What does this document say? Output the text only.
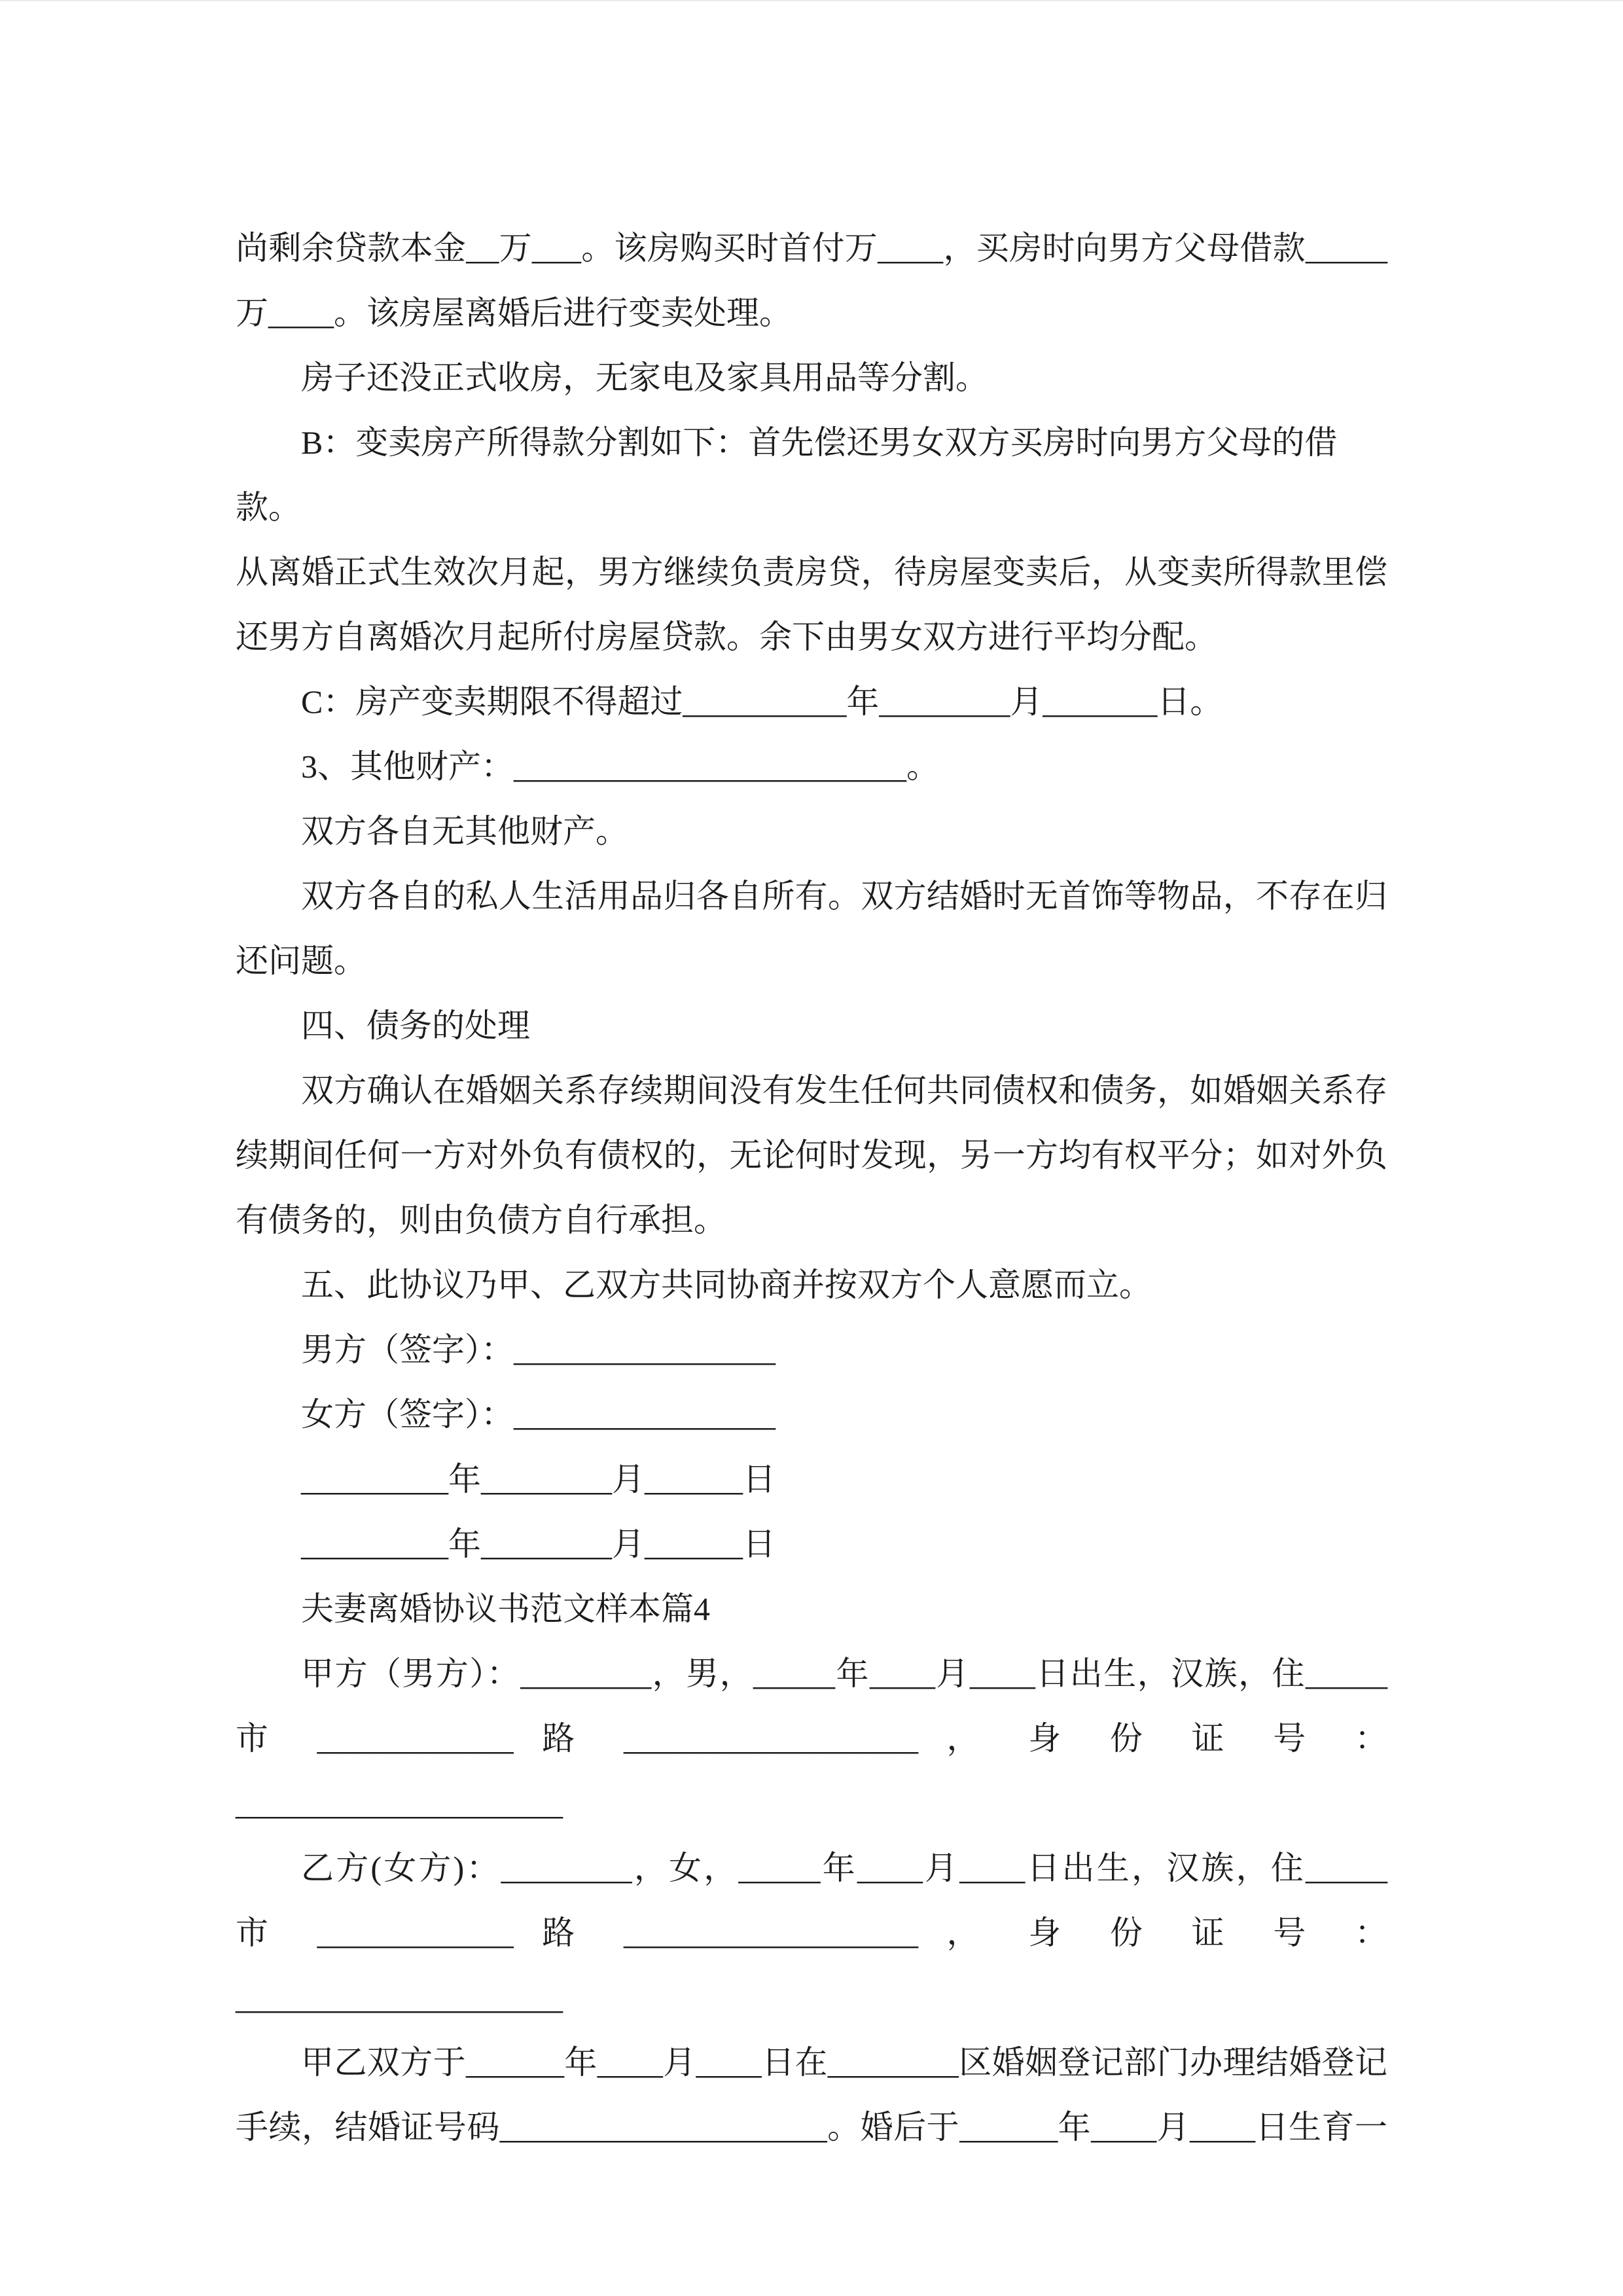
尚剩余贷款本金__万___。该房购买时首付万____，买房时向男方父母借款_____
万____。该房屋离婚后进行变卖处理。
房子还没正式收房，无家电及家具用品等分割。
B：变卖房产所得款分割如下：首先偿还男女双方买房时向男方父母的借款。
从离婚正式生效次月起，男方继续负责房贷，待房屋变卖后，从变卖所得款里偿
还男方自离婚次月起所付房屋贷款。余下由男女双方进行平均分配。
C：房产变卖期限不得超过__________年________月_______日。
3、其他财产：________________________。
双方各自无其他财产。
双方各自的私人生活用品归各自所有。双方结婚时无首饰等物品，不存在归
还问题。
四、债务的处理
双方确认在婚姻关系存续期间没有发生任何共同债权和债务，如婚姻关系存
续期间任何一方对外负有债权的，无论何时发现，另一方均有权平分；如对外负
有债务的，则由负债方自行承担。
五、此协议乃甲、乙双方共同协商并按双方个人意愿而立。
男方（签字）：________________
女方（签字）：________________
_________年________月______日
_________年________月______日
夫妻离婚协议书范文样本篇4
甲方（男方）：________，男，_____年____月____日出生，汉族，住_____
市 ____________ 路 __________________ ， 身 份 证 号 ：
____________________
乙方(女方)：________，女，_____年____月____日出生，汉族，住_____
市 ____________ 路 __________________ ， 身 份 证 号 ：
____________________
甲乙双方于______年____月____日在________区婚姻登记部门办理结婚登记
手续，结婚证号码____________________。婚后于______年____月____日生育一
